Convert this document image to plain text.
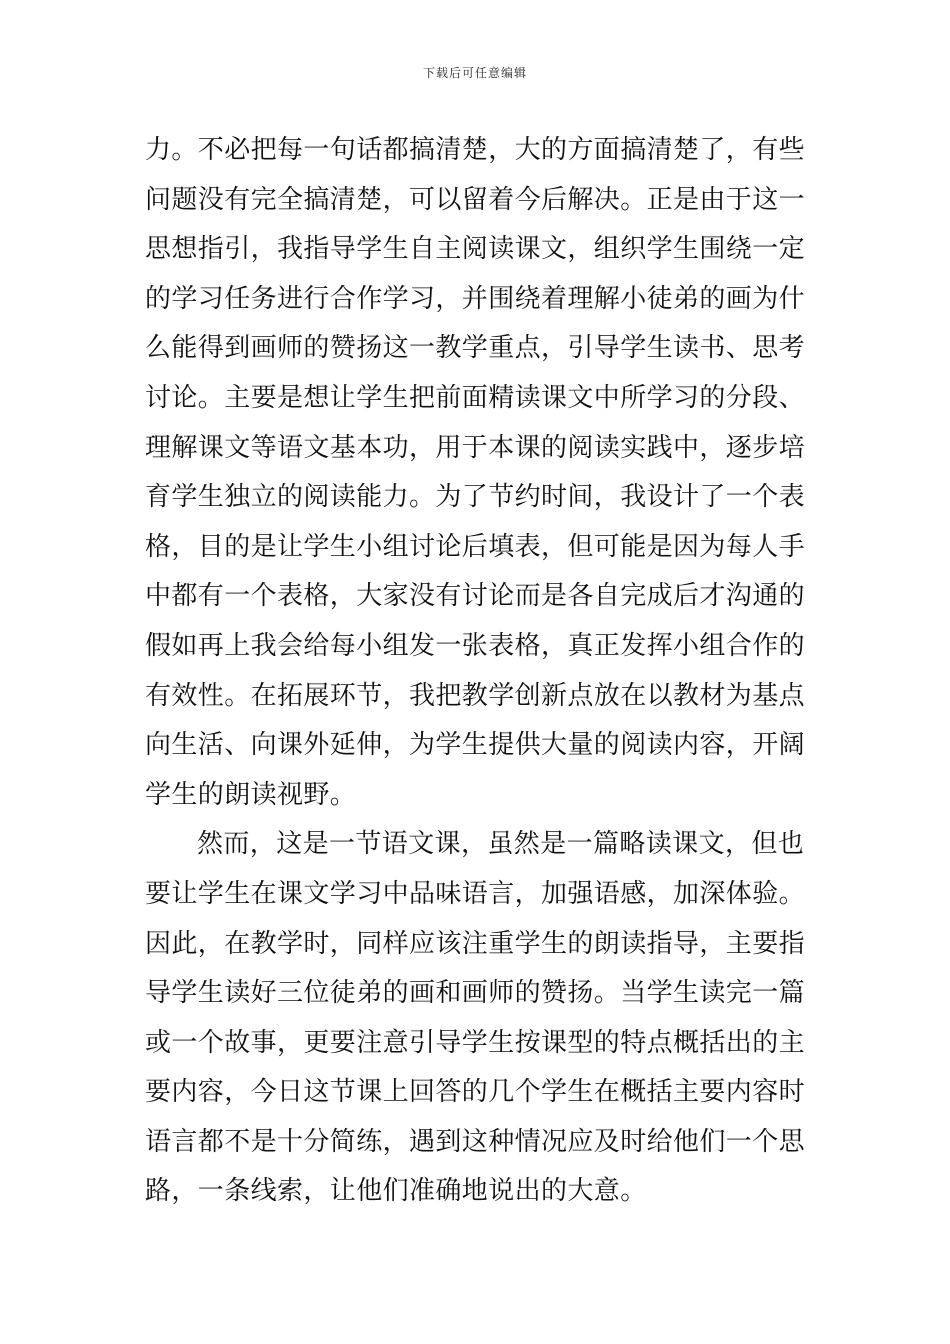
下载后可任意编辑
力。不必把每一句话都搞清楚，大的方面搞清楚了，有些
问题没有完全搞清楚，可以留着今后解决。正是由于这一
思想指引，我指导学生自主阅读课文，组织学生围绕一定
的学习任务进行合作学习，并围绕着理解小徒弟的画为什
么能得到画师的赞扬这一教学重点，引导学生读书、思考
讨论。主要是想让学生把前面精读课文中所学习的分段、
理解课文等语文基本功，用于本课的阅读实践中，逐步培
育学生独立的阅读能力。为了节约时间，我设计了一个表
格，目的是让学生小组讨论后填表，但可能是因为每人手
中都有一个表格，大家没有讨论而是各自完成后才沟通的
假如再上我会给每小组发一张表格，真正发挥小组合作的
有效性。在拓展环节，我把教学创新点放在以教材为基点
向生活、向课外延伸，为学生提供大量的阅读内容，开阔
学生的朗读视野。
然而，这是一节语文课，虽然是一篇略读课文，但也
要让学生在课文学习中品味语言，加强语感，加深体验。
因此，在教学时，同样应该注重学生的朗读指导，主要指
导学生读好三位徒弟的画和画师的赞扬。当学生读完一篇
或一个故事，更要注意引导学生按课型的特点概括出的主
要内容，今日这节课上回答的几个学生在概括主要内容时
语言都不是十分简练，遇到这种情况应及时给他们一个思
路，一条线索，让他们准确地说出的大意。
